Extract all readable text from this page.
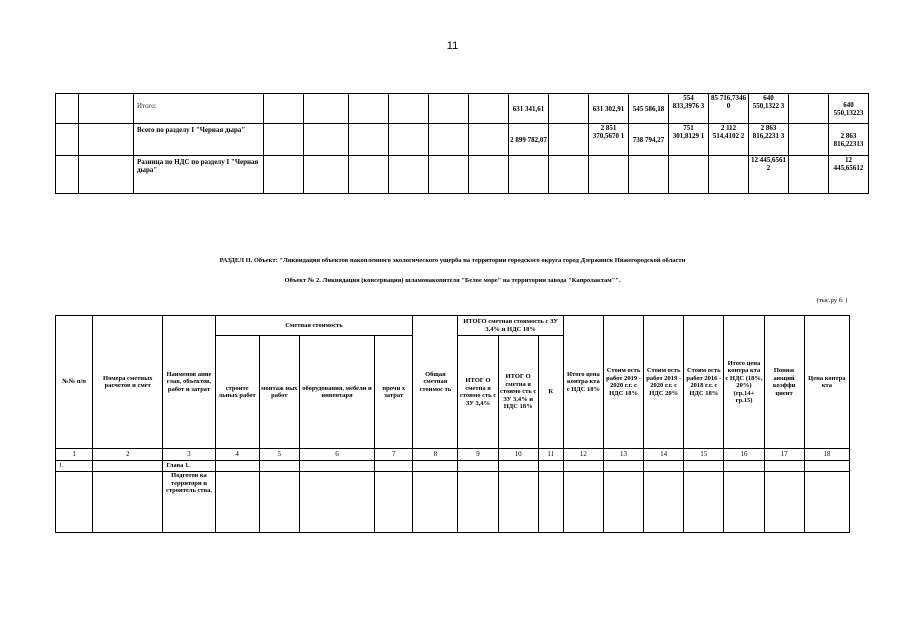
11
		Итого:							631 341,61		631 302,91	545 586,18	554 833,3976 3	85 716,7346 0	640 550,1322 3		640 550,13223
		Всего по разделу I "Черная дыра"							2 899 782,07		2 851 370,5670 1	738 794,27	751 301,8129 1	2 112 514,4102 2	2 863 816,2231 3		2 863 816,22313
		Разница по НДС по разделу I "Черная дыра"													12 445,6561 2		12 445,65612
РАЗДЕЛ II. Объект: "Ликвидация объектов накопленного экологического ущерба на территории городского округа город Дзержинск Нижегородской области
Объект № 2. Ликвидация (консервация) шламонакопителя "Белое море" на территории завода "Капролактам"".
(тыс.ру б. )
№№ п/п	Номера сметных расчетов и смет	Наименов ание глав, объектов, работ и затрат	Сметная стоимость				Общая сметная стоимос ть	ИТОГО сметная стоимость с ЗУ 3,4% и НДС 18%			Итого цена контра кта с НДС 18%	Стоим ость работ 2019 - 2020 г.г. с НДС 18%	Стоим ость работ 2019 - 2020 г.г. с НДС 20%	Стоим ость работ 2016 - 2018 г.г. с НДС 18%	Итого цена контра кта с НДС (18%, 20%) (гр.14+ гр.15)	Пониж ающий коэффи циент	Цена контра кта
			строите льных работ	монтаж ных работ	оборудования, мебели и инвентаря	прочи х затрат		ИТОГ О сметна я стоимо сть с ЗУ 3,4%	ИТОГ О сметна я стоимо сть с ЗУ 3,4% и НДС 18%	К							
1	2	3	4	5	6	7	8	9	10	11	12	13	14	15	16	17	18
1.		Глава 1.															
		Подготов ка территори и строитель ства.															
